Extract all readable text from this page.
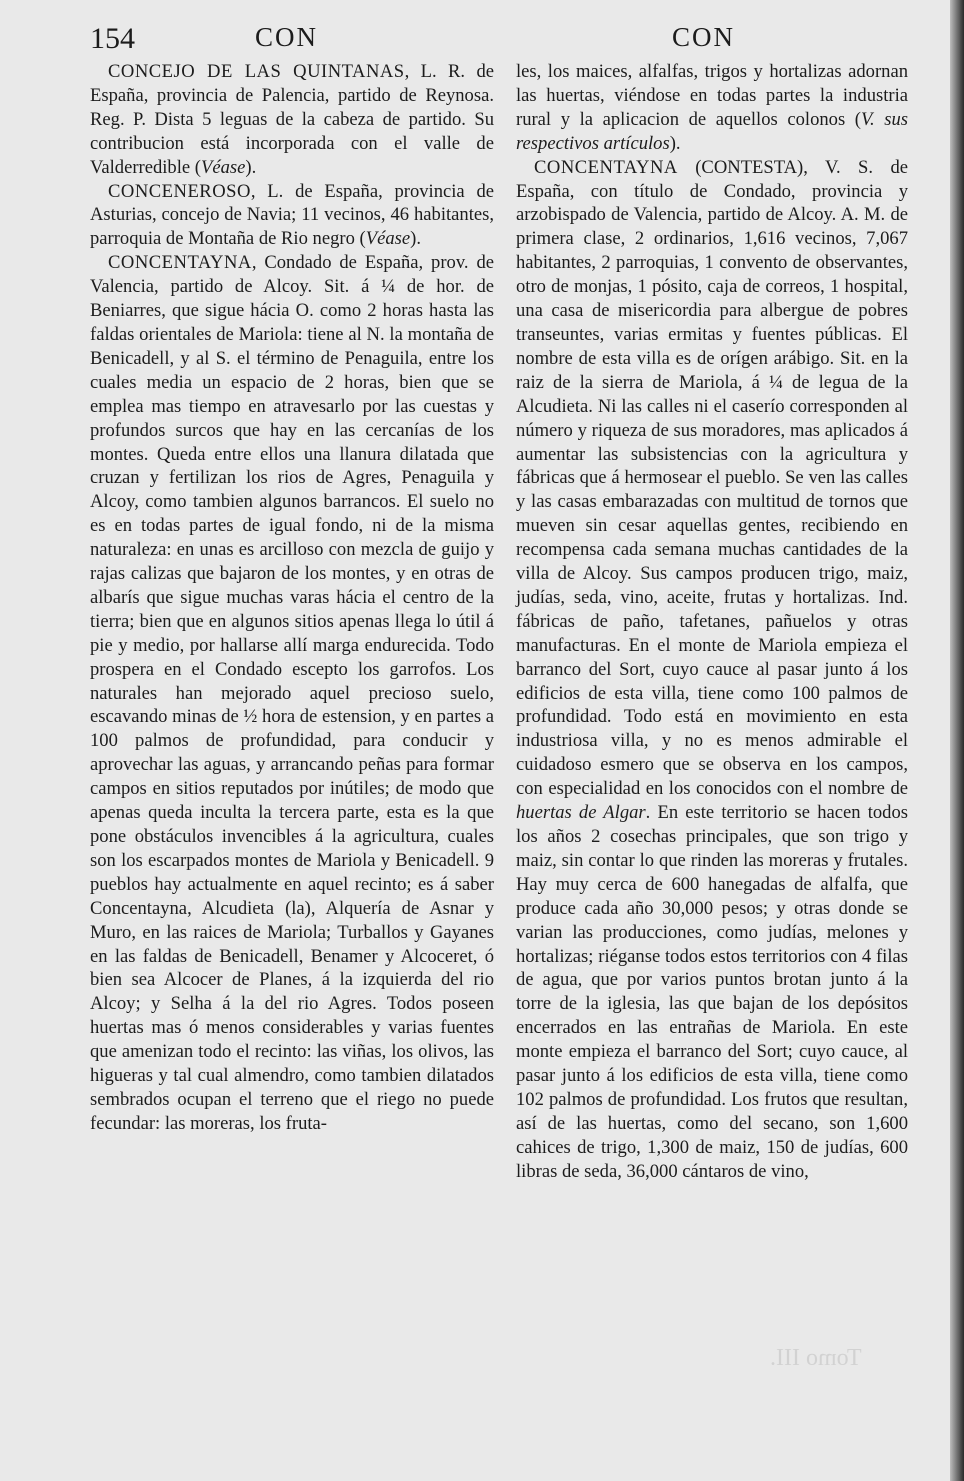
154	CON	CON

CONCEJO DE LAS QUINTANAS, L. R. de España, provincia de Palencia, partido de Reynosa. Reg. P. Dista 5 leguas de la cabeza de partido. Su contribucion está incorporada con el valle de Valderredible (Véase).

CONCENEROSO, L. de España, provincia de Asturias, concejo de Navia; 11 vecinos, 46 habitantes, parroquia de Montaña de Rio negro (Véase).

CONCENTAYNA, Condado de España, prov. de Valencia, partido de Alcoy. Sit. á ¼ de hor. de Beniarres, que sigue hácia O. como 2 horas hasta las faldas orientales de Mariola: tiene al N. la montaña de Benicadell, y al S. el término de Penaguila, entre los cuales media un espacio de 2 horas, bien que se emplea mas tiempo en atravesarlo por las cuestas y profundos surcos que hay en las cercanías de los montes. Queda entre ellos una llanura dilatada que cruzan y fertilizan los rios de Agres, Penaguila y Alcoy, como tambien algunos barrancos. El suelo no es en todas partes de igual fondo, ni de la misma naturaleza: en unas es arcilloso con mezcla de guijo y rajas calizas que bajaron de los montes, y en otras de albarís que sigue muchas varas hácia el centro de la tierra; bien que en algunos sitios apenas llega lo útil á pie y medio, por hallarse allí marga endurecida. Todo prospera en el Condado escepto los garrofos. Los naturales han mejorado aquel precioso suelo, escavando minas de ½ hora de estension, y en partes a 100 palmos de profundidad, para conducir y aprovechar las aguas, y arrancando peñas para formar campos en sitios reputados por inútiles; de modo que apenas queda inculta la tercera parte, esta es la que pone obstáculos invencibles á la agricultura, cuales son los escarpados montes de Mariola y Benicadell. 9 pueblos hay actualmente en aquel recinto; es á saber Concentayna, Alcudieta (la), Alquería de Asnar y Muro, en las raices de Mariola; Turballos y Gayanes en las faldas de Benicadell, Benamer y Alcoceret, ó bien sea Alcocer de Planes, á la izquierda del rio Alcoy; y Selha á la del rio Agres. Todos poseen huertas mas ó menos considerables y varias fuentes que amenizan todo el recinto: las viñas, los olivos, las higueras y tal cual almendro, como tambien dilatados sembrados ocupan el terreno que el riego no puede fecundar: las moreras, los fruta-

les, los maices, alfalfas, trigos y hortalizas adornan las huertas, viéndose en todas partes la industria rural y la aplicacion de aquellos colonos (V. sus respectivos artículos).

CONCENTAYNA (CONTESTA), V. S. de España, con título de Condado, provincia y arzobispado de Valencia, partido de Alcoy. A. M. de primera clase, 2 ordinarios, 1,616 vecinos, 7,067 habitantes, 2 parroquias, 1 convento de observantes, otro de monjas, 1 pósito, caja de correos, 1 hospital, una casa de misericordia para albergue de pobres transeuntes, varias ermitas y fuentes públicas. El nombre de esta villa es de orígen arábigo. Sit. en la raiz de la sierra de Mariola, á ¼ de legua de la Alcudieta. Ni las calles ni el caserío corresponden al número y riqueza de sus moradores, mas aplicados á aumentar las subsistencias con la agricultura y fábricas que á hermosear el pueblo. Se ven las calles y las casas embarazadas con multitud de tornos que mueven sin cesar aquellas gentes, recibiendo en recompensa cada semana muchas cantidades de la villa de Alcoy. Sus campos producen trigo, maiz, judías, seda, vino, aceite, frutas y hortalizas. Ind. fábricas de paño, tafetanes, pañuelos y otras manufacturas. En el monte de Mariola empieza el barranco del Sort, cuyo cauce al pasar junto á los edificios de esta villa, tiene como 100 palmos de profundidad. Todo está en movimiento en esta industriosa villa, y no es menos admirable el cuidadoso esmero que se observa en los campos, con especialidad en los conocidos con el nombre de huertas de Algar. En este territorio se hacen todos los años 2 cosechas principales, que son trigo y maiz, sin contar lo que rinden las moreras y frutales. Hay muy cerca de 600 hanegadas de alfalfa, que produce cada año 30,000 pesos; y otras donde se varian las producciones, como judías, melones y hortalizas; riéganse todos estos territorios con 4 filas de agua, que por varios puntos brotan junto á la torre de la iglesia, las que bajan de los depósitos encerrados en las entrañas de Mariola. En este monte empieza el barranco del Sort; cuyo cauce, al pasar junto á los edificios de esta villa, tiene como 102 palmos de profundidad. Los frutos que resultan, así de las huertas, como del secano, son 1,600 cahices de trigo, 1,300 de maiz, 150 de judías, 600 libras de seda, 36,000 cántaros de vino,

Tomo III.
